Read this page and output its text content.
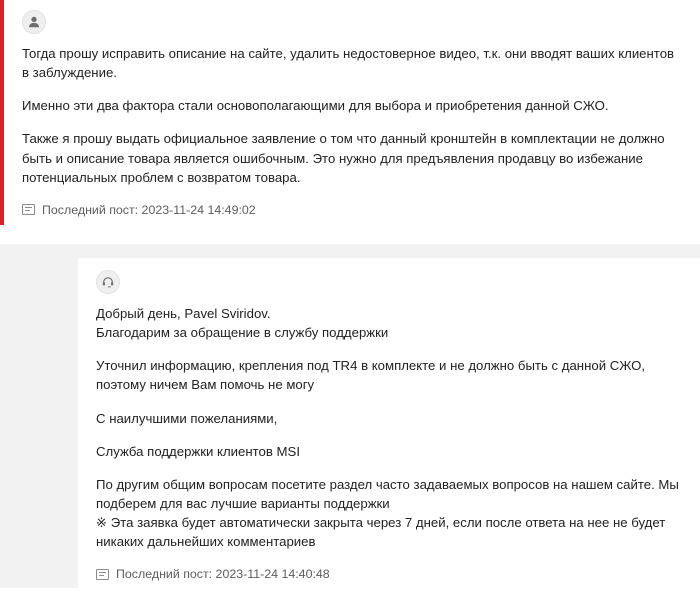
Тогда прошу исправить описание на сайте, удалить недостоверное видео, т.к. они вводят ваших клиентов в заблуждение.

Именно эти два фактора стали основополагающими для выбора и приобретения данной СЖО.

Также я прошу выдать официальное заявление о том что данный кронштейн в комплектации не должно быть и описание товара является ошибочным. Это нужно для предъявления продавцу во избежание потенциальных проблем с возвратом товара.

Последний пост: 2023-11-24 14:49:02

Добрый день, Pavel Sviridov.
Благодарим за обращение в службу поддержки

Уточнил информацию, крепления под TR4 в комплекте и не должно быть с данной СЖО, поэтому ничем Вам помочь не могу

С наилучшими пожеланиями,

Служба поддержки клиентов MSI

По другим общим вопросам посетите раздел часто задаваемых вопросов на нашем сайте. Мы подберем для вас лучшие варианты поддержки
※ Эта заявка будет автоматически закрыта через 7 дней, если после ответа на нее не будет никаких дальнейших комментариев

Последний пост: 2023-11-24 14:40:48
